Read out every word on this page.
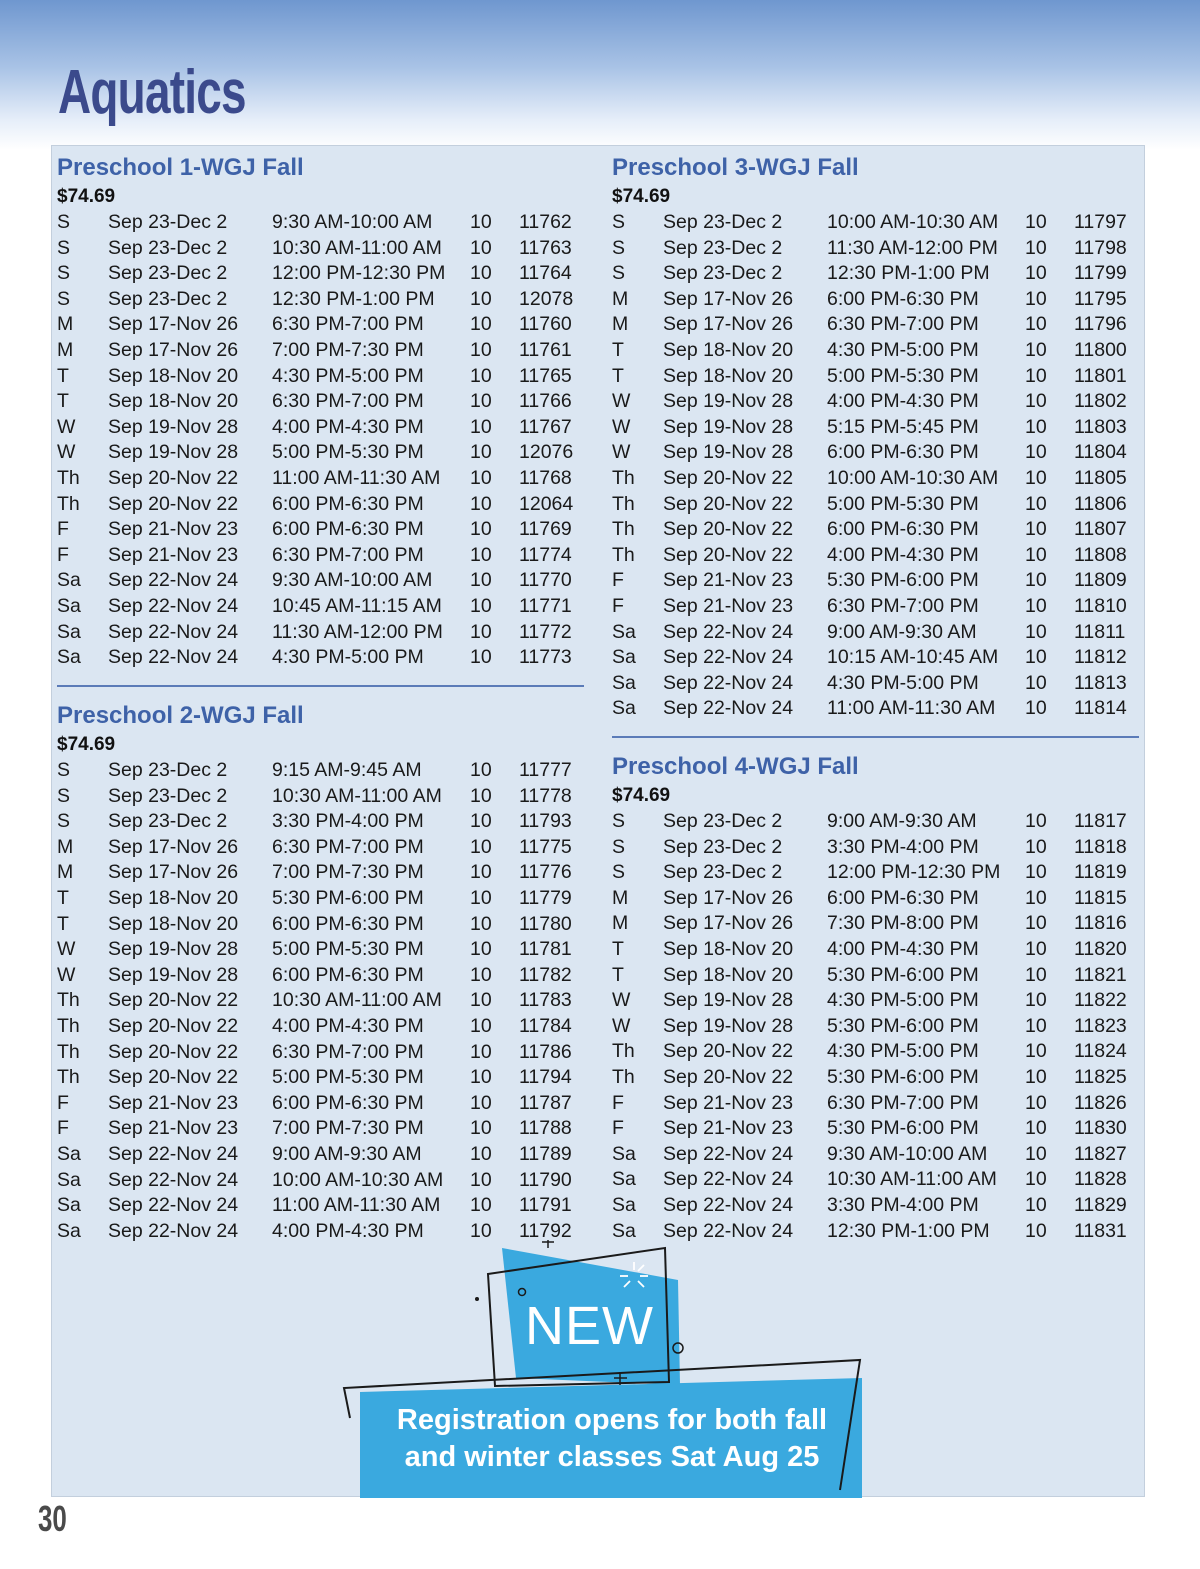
Aquatics
Preschool 1-WGJ Fall
$74.69
S Sep 23-Dec 2 9:30 AM-10:00 AM 10 11762
S Sep 23-Dec 2 10:30 AM-11:00 AM 10 11763
S Sep 23-Dec 2 12:00 PM-12:30 PM 10 11764
S Sep 23-Dec 2 12:30 PM-1:00 PM 10 12078
M Sep 17-Nov 26 6:30 PM-7:00 PM 10 11760
M Sep 17-Nov 26 7:00 PM-7:30 PM 10 11761
T Sep 18-Nov 20 4:30 PM-5:00 PM 10 11765
T Sep 18-Nov 20 6:30 PM-7:00 PM 10 11766
W Sep 19-Nov 28 4:00 PM-4:30 PM 10 11767
W Sep 19-Nov 28 5:00 PM-5:30 PM 10 12076
Th Sep 20-Nov 22 11:00 AM-11:30 AM 10 11768
Th Sep 20-Nov 22 6:00 PM-6:30 PM 10 12064
F Sep 21-Nov 23 6:00 PM-6:30 PM 10 11769
F Sep 21-Nov 23 6:30 PM-7:00 PM 10 11774
Sa Sep 22-Nov 24 9:30 AM-10:00 AM 10 11770
Sa Sep 22-Nov 24 10:45 AM-11:15 AM 10 11771
Sa Sep 22-Nov 24 11:30 AM-12:00 PM 10 11772
Sa Sep 22-Nov 24 4:30 PM-5:00 PM 10 11773
Preschool 2-WGJ Fall
$74.69
S Sep 23-Dec 2 9:15 AM-9:45 AM 10 11777
S Sep 23-Dec 2 10:30 AM-11:00 AM 10 11778
S Sep 23-Dec 2 3:30 PM-4:00 PM 10 11793
M Sep 17-Nov 26 6:30 PM-7:00 PM 10 11775
M Sep 17-Nov 26 7:00 PM-7:30 PM 10 11776
T Sep 18-Nov 20 5:30 PM-6:00 PM 10 11779
T Sep 18-Nov 20 6:00 PM-6:30 PM 10 11780
W Sep 19-Nov 28 5:00 PM-5:30 PM 10 11781
W Sep 19-Nov 28 6:00 PM-6:30 PM 10 11782
Th Sep 20-Nov 22 10:30 AM-11:00 AM 10 11783
Th Sep 20-Nov 22 4:00 PM-4:30 PM 10 11784
Th Sep 20-Nov 22 6:30 PM-7:00 PM 10 11786
Th Sep 20-Nov 22 5:00 PM-5:30 PM 10 11794
F Sep 21-Nov 23 6:00 PM-6:30 PM 10 11787
F Sep 21-Nov 23 7:00 PM-7:30 PM 10 11788
Sa Sep 22-Nov 24 9:00 AM-9:30 AM 10 11789
Sa Sep 22-Nov 24 10:00 AM-10:30 AM 10 11790
Sa Sep 22-Nov 24 11:00 AM-11:30 AM 10 11791
Sa Sep 22-Nov 24 4:00 PM-4:30 PM 10 11792
Preschool 3-WGJ Fall
$74.69
S Sep 23-Dec 2 10:00 AM-10:30 AM 10 11797
S Sep 23-Dec 2 11:30 AM-12:00 PM 10 11798
S Sep 23-Dec 2 12:30 PM-1:00 PM 10 11799
M Sep 17-Nov 26 6:00 PM-6:30 PM 10 11795
M Sep 17-Nov 26 6:30 PM-7:00 PM 10 11796
T Sep 18-Nov 20 4:30 PM-5:00 PM 10 11800
T Sep 18-Nov 20 5:00 PM-5:30 PM 10 11801
W Sep 19-Nov 28 4:00 PM-4:30 PM 10 11802
W Sep 19-Nov 28 5:15 PM-5:45 PM 10 11803
W Sep 19-Nov 28 6:00 PM-6:30 PM 10 11804
Th Sep 20-Nov 22 10:00 AM-10:30 AM 10 11805
Th Sep 20-Nov 22 5:00 PM-5:30 PM 10 11806
Th Sep 20-Nov 22 6:00 PM-6:30 PM 10 11807
Th Sep 20-Nov 22 4:00 PM-4:30 PM 10 11808
F Sep 21-Nov 23 5:30 PM-6:00 PM 10 11809
F Sep 21-Nov 23 6:30 PM-7:00 PM 10 11810
Sa Sep 22-Nov 24 9:00 AM-9:30 AM 10 11811
Sa Sep 22-Nov 24 10:15 AM-10:45 AM 10 11812
Sa Sep 22-Nov 24 4:30 PM-5:00 PM 10 11813
Sa Sep 22-Nov 24 11:00 AM-11:30 AM 10 11814
Preschool 4-WGJ Fall
$74.69
S Sep 23-Dec 2 9:00 AM-9:30 AM 10 11817
S Sep 23-Dec 2 3:30 PM-4:00 PM 10 11818
S Sep 23-Dec 2 12:00 PM-12:30 PM 10 11819
M Sep 17-Nov 26 6:00 PM-6:30 PM 10 11815
M Sep 17-Nov 26 7:30 PM-8:00 PM 10 11816
T Sep 18-Nov 20 4:00 PM-4:30 PM 10 11820
T Sep 18-Nov 20 5:30 PM-6:00 PM 10 11821
W Sep 19-Nov 28 4:30 PM-5:00 PM 10 11822
W Sep 19-Nov 28 5:30 PM-6:00 PM 10 11823
Th Sep 20-Nov 22 4:30 PM-5:00 PM 10 11824
Th Sep 20-Nov 22 5:30 PM-6:00 PM 10 11825
F Sep 21-Nov 23 6:30 PM-7:00 PM 10 11826
F Sep 21-Nov 23 5:30 PM-6:00 PM 10 11830
Sa Sep 22-Nov 24 9:30 AM-10:00 AM 10 11827
Sa Sep 22-Nov 24 10:30 AM-11:00 AM 10 11828
Sa Sep 22-Nov 24 3:30 PM-4:00 PM 10 11829
Sa Sep 22-Nov 24 12:30 PM-1:00 PM 10 11831
NEW
Registration opens for both fall
and winter classes Sat Aug 25
30
